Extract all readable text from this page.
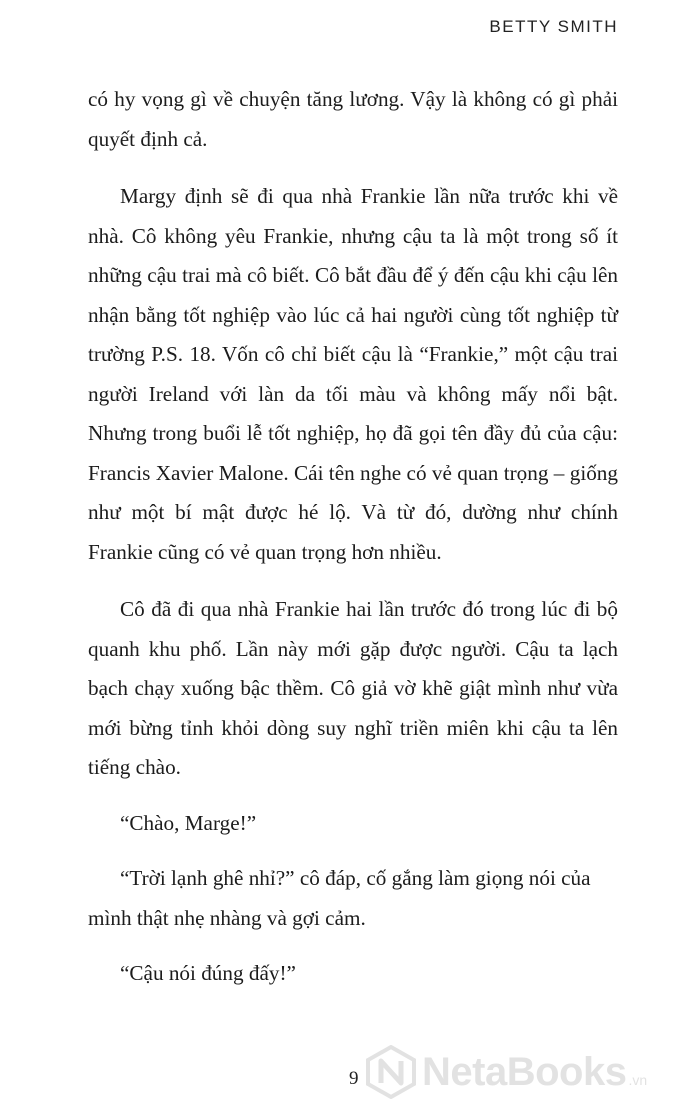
BETTY SMITH

có hy vọng gì về chuyện tăng lương. Vậy là không có gì phải quyết định cả.

Margy định sẽ đi qua nhà Frankie lần nữa trước khi về nhà. Cô không yêu Frankie, nhưng cậu ta là một trong số ít những cậu trai mà cô biết. Cô bắt đầu để ý đến cậu khi cậu lên nhận bằng tốt nghiệp vào lúc cả hai người cùng tốt nghiệp từ trường P.S. 18. Vốn cô chỉ biết cậu là “Frankie,” một cậu trai người Ireland với làn da tối màu và không mấy nổi bật. Nhưng trong buổi lễ tốt nghiệp, họ đã gọi tên đầy đủ của cậu: Francis Xavier Malone. Cái tên nghe có vẻ quan trọng – giống như một bí mật được hé lộ. Và từ đó, dường như chính Frankie cũng có vẻ quan trọng hơn nhiều.

Cô đã đi qua nhà Frankie hai lần trước đó trong lúc đi bộ quanh khu phố. Lần này mới gặp được người. Cậu ta lạch bạch chạy xuống bậc thềm. Cô giả vờ khẽ giật mình như vừa mới bừng tỉnh khỏi dòng suy nghĩ triền miên khi cậu ta lên tiếng chào.

“Chào, Marge!”

“Trời lạnh ghê nhỉ?” cô đáp, cố gắng làm giọng nói của mình thật nhẹ nhàng và gợi cảm.

“Cậu nói đúng đấy!”

9 NetaBooks .vn
